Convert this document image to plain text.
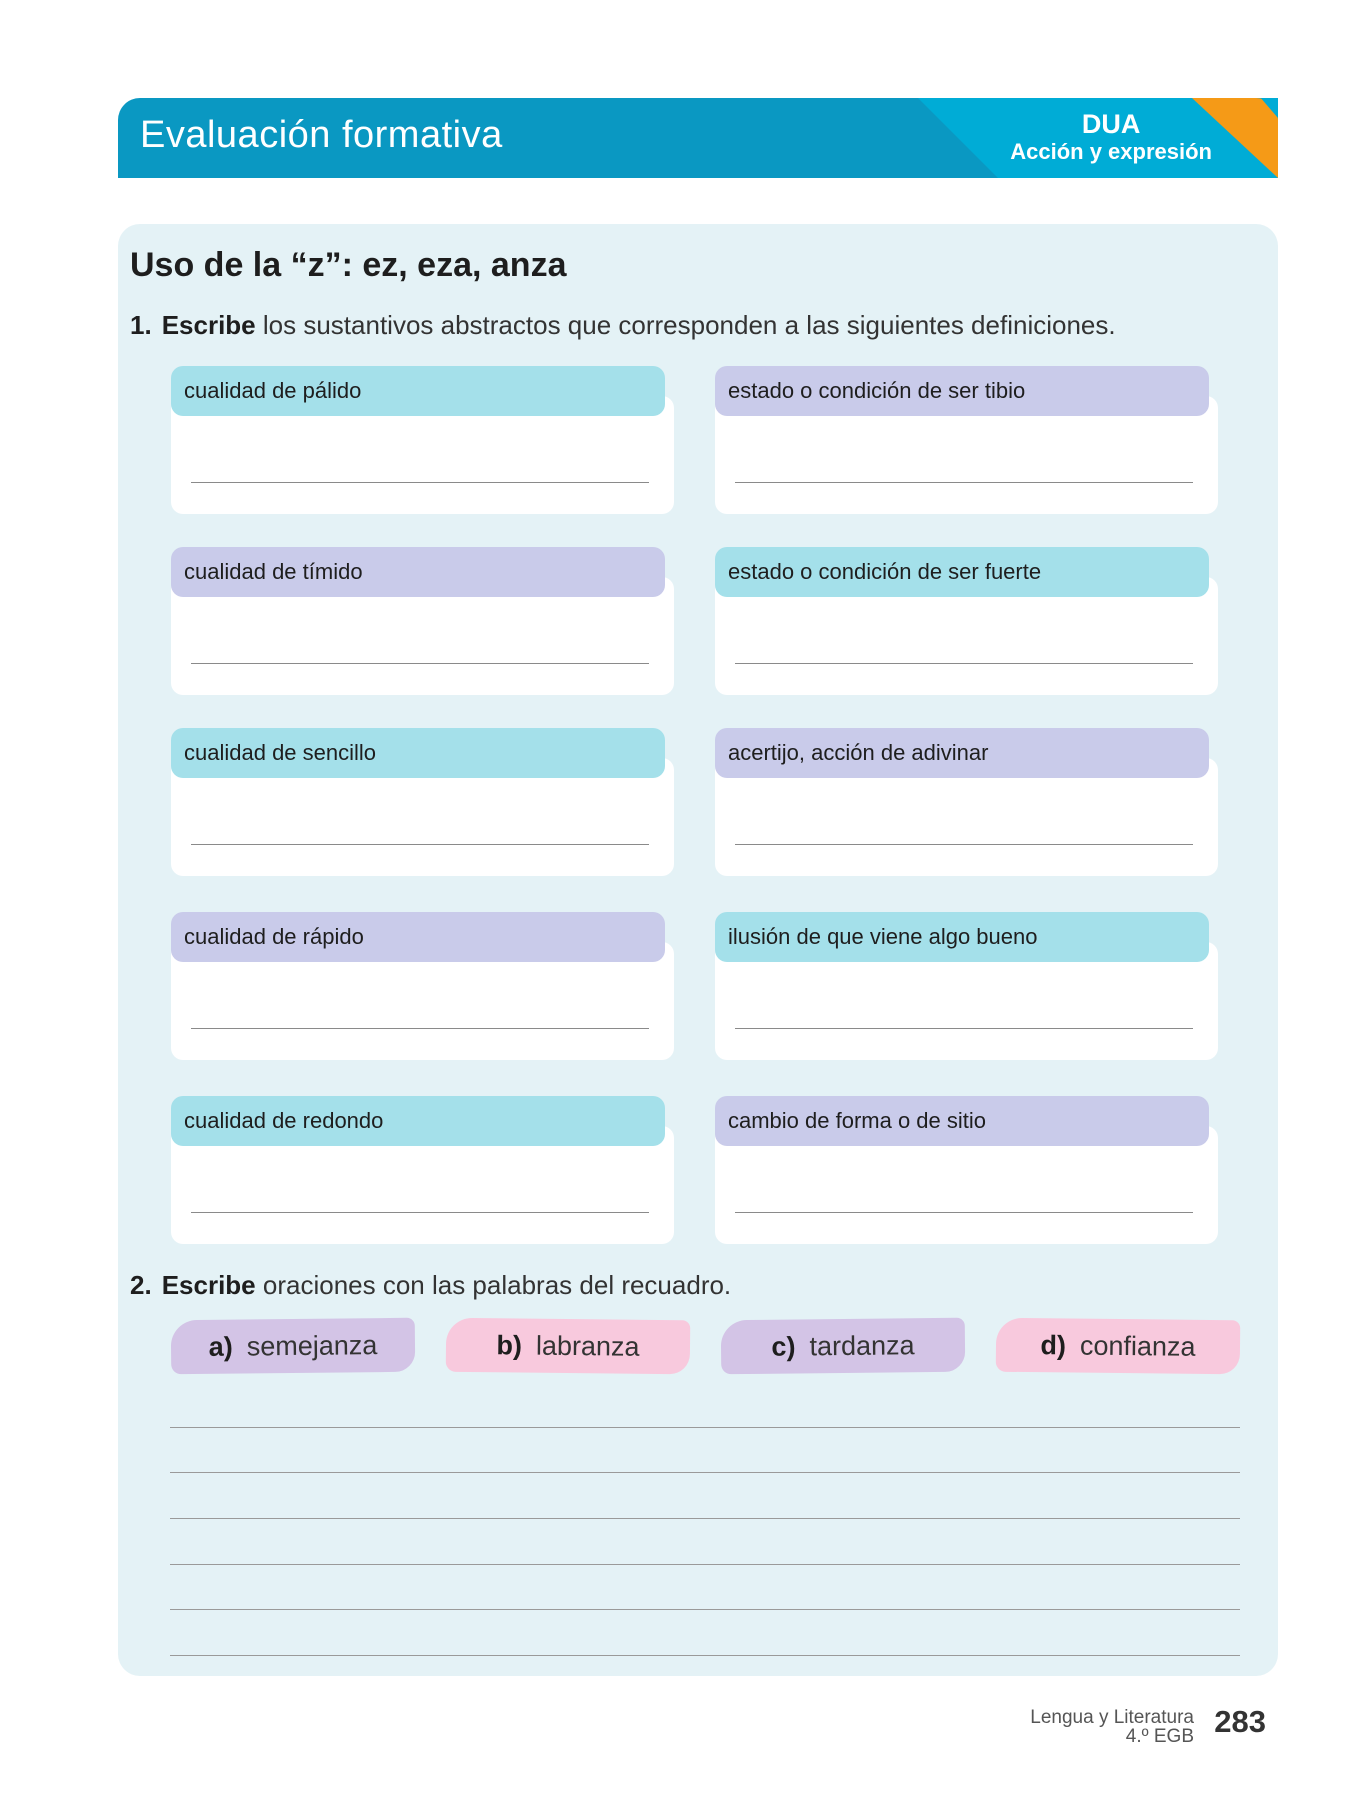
Evaluación formativa	DUA
Acción y expresión
Uso de la “z”: ez, eza, anza
1. Escribe los sustantivos abstractos que corresponden a las siguientes definiciones.
cualidad de pálido	estado o condición de ser tibio
cualidad de tímido	estado o condición de ser fuerte
cualidad de sencillo	acertijo, acción de adivinar
cualidad de rápido	ilusión de que viene algo bueno
cualidad de redondo	cambio de forma o de sitio
2. Escribe oraciones con las palabras del recuadro.
a) semejanza	b) labranza	c) tardanza	d) confianza
Lengua y Literatura
4.º EGB 283
